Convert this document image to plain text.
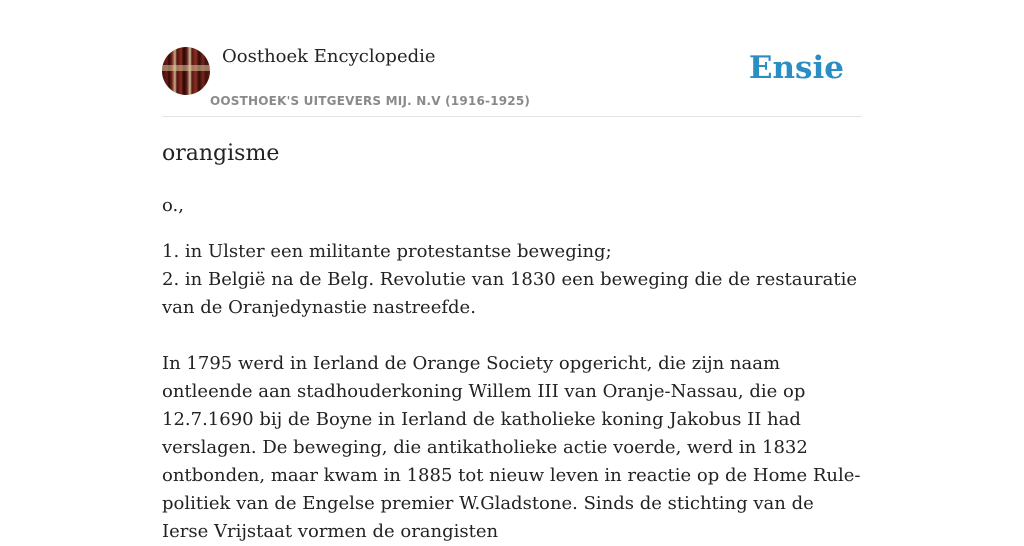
Oosthoek Encyclopedie
OOSTHOEK'S UITGEVERS MIJ. N.V (1916-1925)
Ensie
orangisme
o.,

1. in Ulster een militante protestantse beweging;

2. in België na de Belg. Revolutie van 1830 een beweging die de restauratie van de Oranjedynastie nastreefde.

In 1795 werd in Ierland de Orange Society opgericht, die zijn naam ontleende aan stadhouderkoning Willem III van Oranje-Nassau, die op 12.7.1690 bij de Boyne in Ierland de katholieke koning Jakobus II had verslagen. De beweging, die antikatholieke actie voerde, werd in 1832 ontbonden, maar kwam in 1885 tot nieuw leven in reactie op de Home Rule-politiek van de Engelse premier W.Gladstone. Sinds de stichting van de Ierse Vrijstaat vormen de orangisten
